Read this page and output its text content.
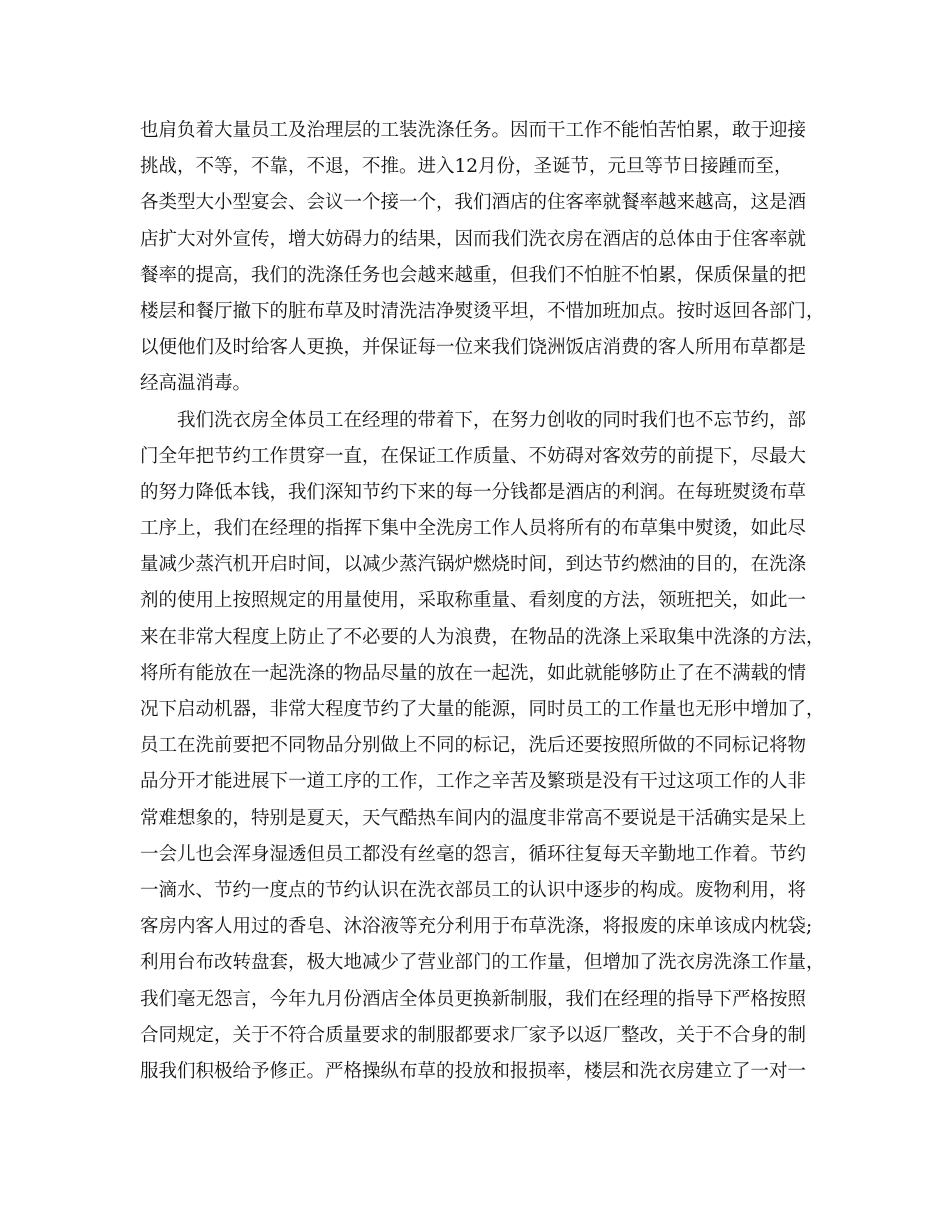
也肩负着大量员工及治理层的工装洗涤任务。因而干工作不能怕苦怕累，敢于迎接
挑战，不等，不靠，不退，不推。进入12月份，圣诞节，元旦等节日接踵而至，
各类型大小型宴会、会议一个接一个，我们酒店的住客率就餐率越来越高，这是酒
店扩大对外宣传，增大妨碍力的结果，因而我们洗衣房在酒店的总体由于住客率就
餐率的提高，我们的洗涤任务也会越来越重，但我们不怕脏不怕累，保质保量的把
楼层和餐厅撤下的脏布草及时清洗洁净熨烫平坦，不惜加班加点。按时返回各部门，
以便他们及时给客人更换，并保证每一位来我们饶洲饭店消费的客人所用布草都是
经高温消毒。
我们洗衣房全体员工在经理的带着下，在努力创收的同时我们也不忘节约，部
门全年把节约工作贯穿一直，在保证工作质量、不妨碍对客效劳的前提下，尽最大
的努力降低本钱，我们深知节约下来的每一分钱都是酒店的利润。在每班熨烫布草
工序上，我们在经理的指挥下集中全洗房工作人员将所有的布草集中熨烫，如此尽
量减少蒸汽机开启时间，以减少蒸汽锅炉燃烧时间，到达节约燃油的目的，在洗涤
剂的使用上按照规定的用量使用，采取称重量、看刻度的方法，领班把关，如此一
来在非常大程度上防止了不必要的人为浪费，在物品的洗涤上采取集中洗涤的方法，
将所有能放在一起洗涤的物品尽量的放在一起洗，如此就能够防止了在不满载的情
况下启动机器，非常大程度节约了大量的能源，同时员工的工作量也无形中增加了，
员工在洗前要把不同物品分别做上不同的标记，洗后还要按照所做的不同标记将物
品分开才能进展下一道工序的工作，工作之辛苦及繁琐是没有干过这项工作的人非
常难想象的，特别是夏天，天气酷热车间内的温度非常高不要说是干活确实是呆上
一会儿也会浑身湿透但员工都没有丝毫的怨言，循环往复每天辛勤地工作着。节约
一滴水、节约一度点的节约认识在洗衣部员工的认识中逐步的构成。废物利用，将
客房内客人用过的香皂、沐浴液等充分利用于布草洗涤，将报废的床单该成内枕袋;
利用台布改转盘套，极大地减少了营业部门的工作量，但增加了洗衣房洗涤工作量，
我们毫无怨言，今年九月份酒店全体员更换新制服，我们在经理的指导下严格按照
合同规定，关于不符合质量要求的制服都要求厂家予以返厂整改，关于不合身的制
服我们积极给予修正。严格操纵布草的投放和报损率，楼层和洗衣房建立了一对一
